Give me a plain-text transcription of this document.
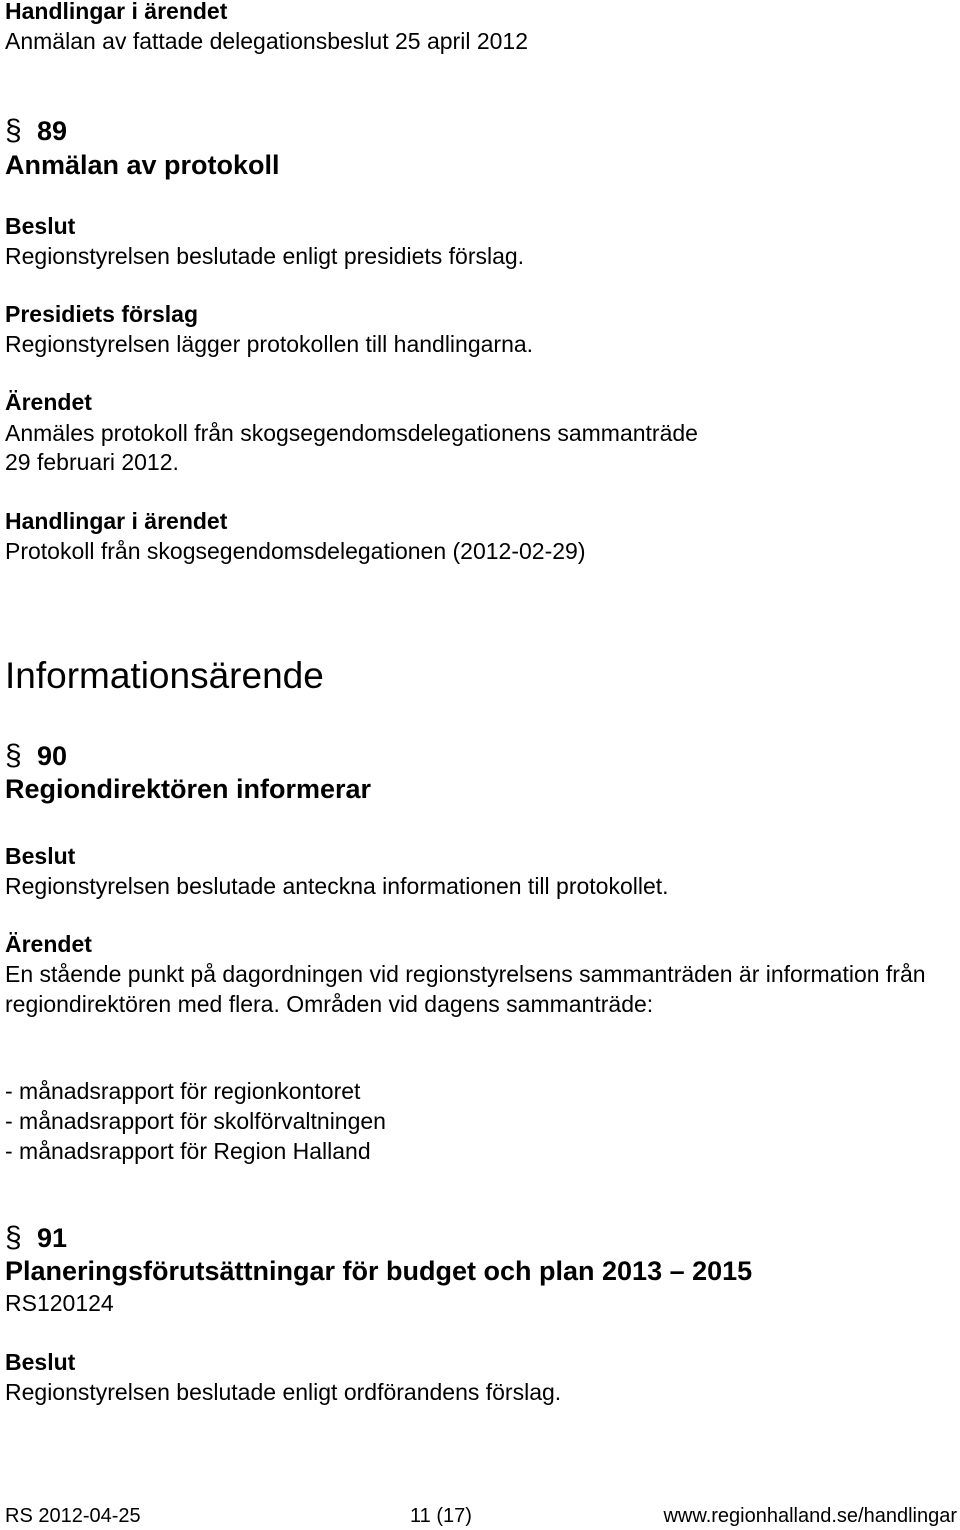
Handlingar i ärendet
Anmälan av fattade delegationsbeslut 25 april 2012
§ 89
Anmälan av protokoll
Beslut
Regionstyrelsen beslutade enligt presidiets förslag.
Presidiets förslag
Regionstyrelsen lägger protokollen till handlingarna.
Ärendet
Anmäles protokoll från skogsegendomsdelegationens sammanträde
29 februari 2012.
Handlingar i ärendet
Protokoll från skogsegendomsdelegationen (2012-02-29)
Informationsärende
§ 90
Regiondirektören informerar
Beslut
Regionstyrelsen beslutade anteckna informationen till protokollet.
Ärendet
En stående punkt på dagordningen vid regionstyrelsens sammanträden är information från regiondirektören med flera. Områden vid dagens sammanträde:
- månadsrapport för regionkontoret
- månadsrapport för skolförvaltningen
- månadsrapport för Region Halland
§ 91
Planeringsförutsättningar för budget och plan 2013 – 2015
RS120124
Beslut
Regionstyrelsen beslutade enligt ordförandens förslag.
RS 2012-04-25	11 (17)	www.regionhalland.se/handlingar
